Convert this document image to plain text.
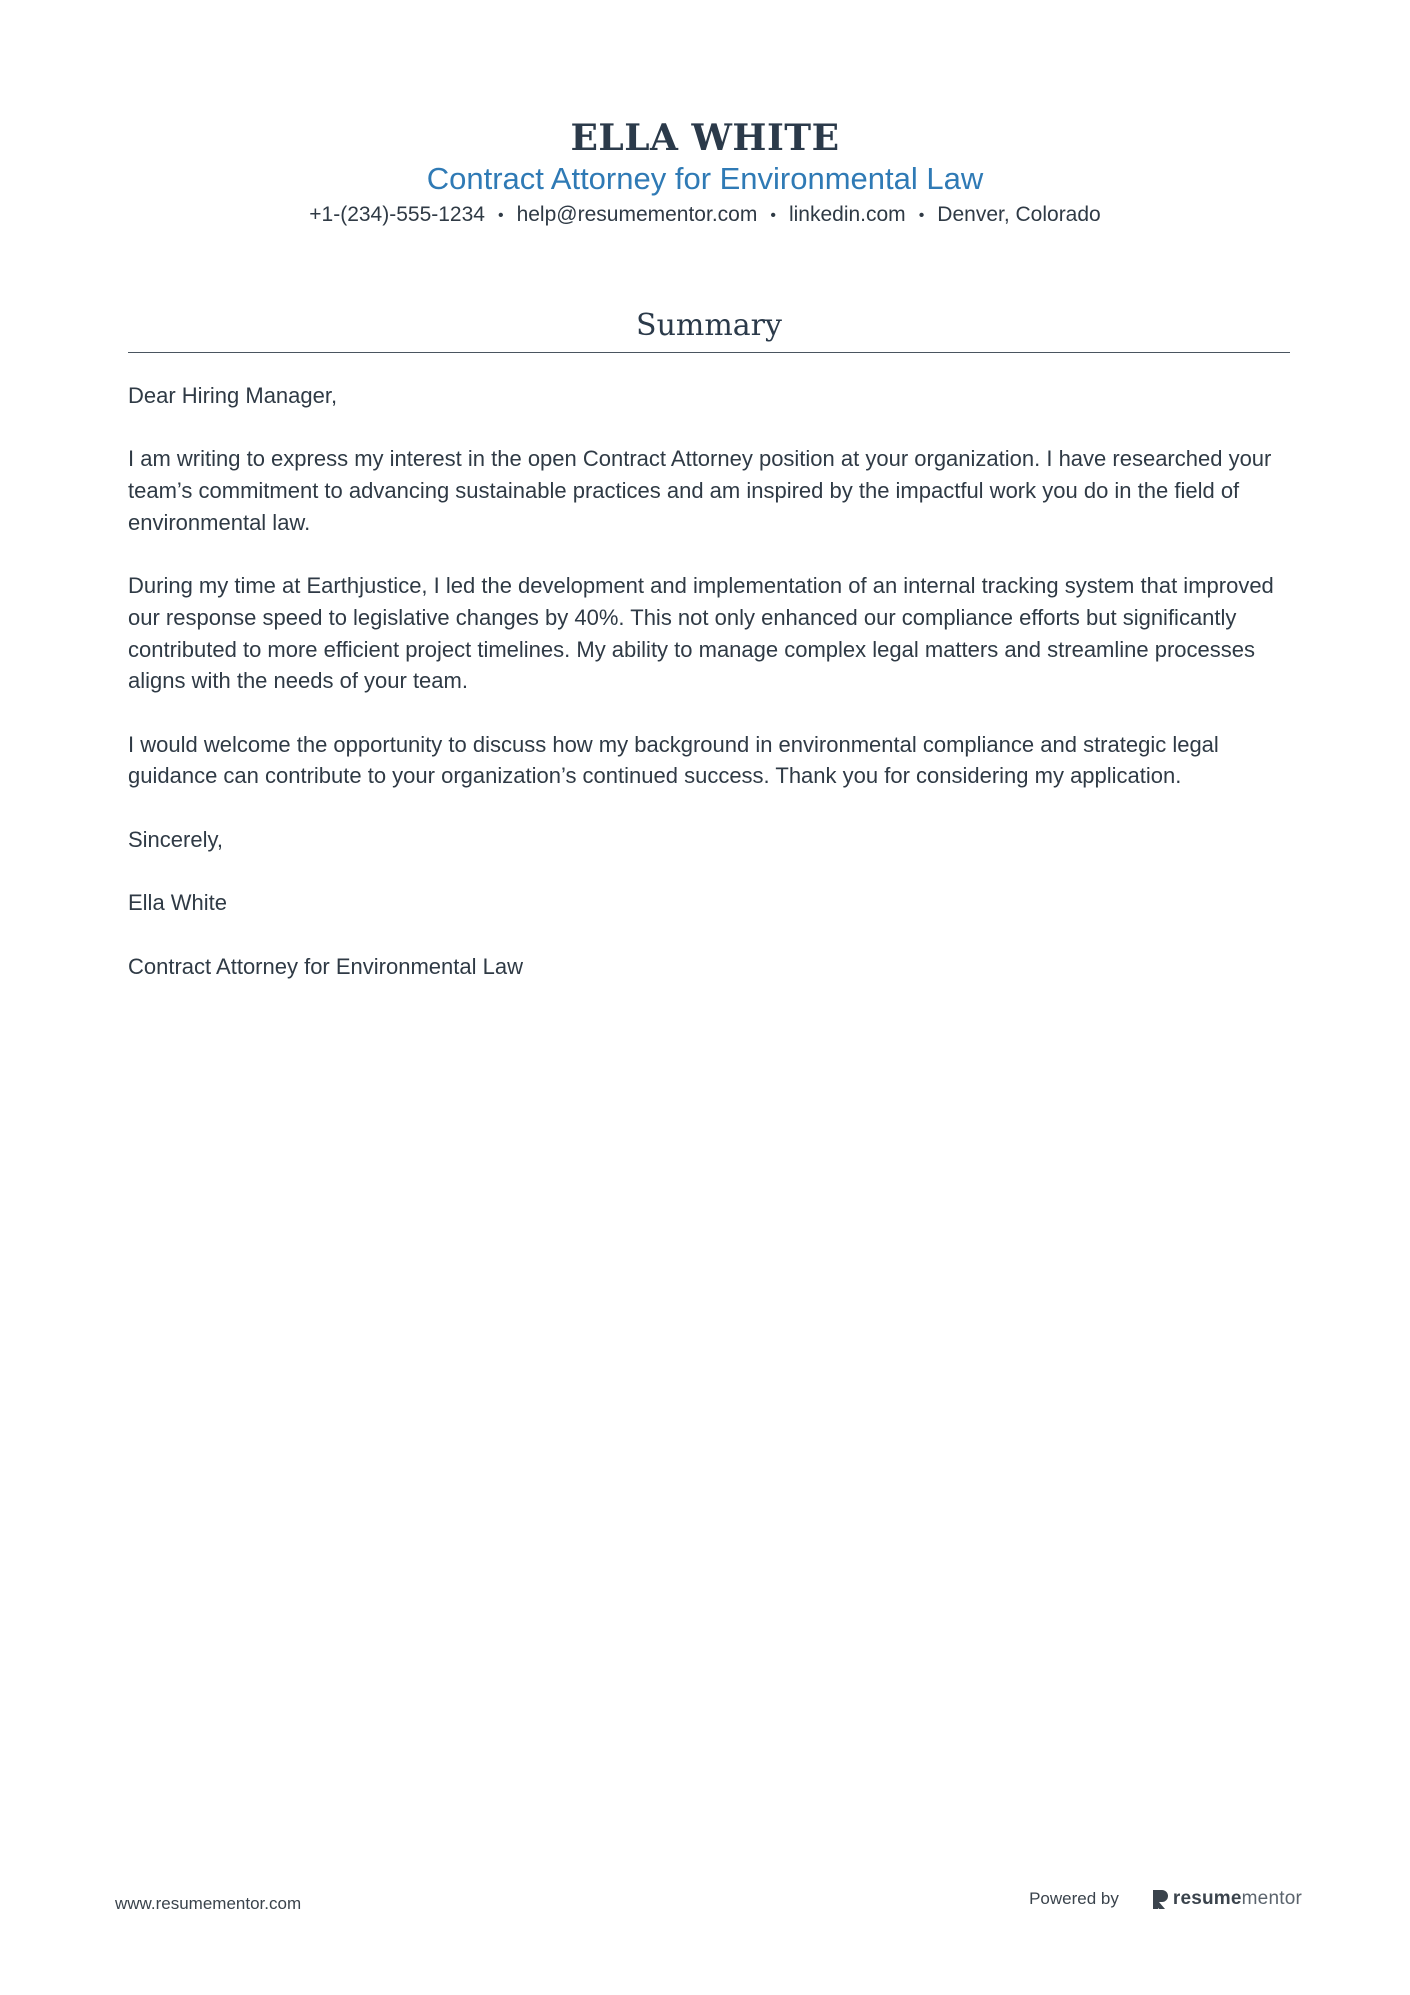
ELLA WHITE
Contract Attorney for Environmental Law
+1-(234)-555-1234 • help@resumementor.com • linkedin.com • Denver, Colorado
Summary

Dear Hiring Manager,

I am writing to express my interest in the open Contract Attorney position at your organization. I have researched your team’s commitment to advancing sustainable practices and am inspired by the impactful work you do in the field of environmental law.

During my time at Earthjustice, I led the development and implementation of an internal tracking system that improved our response speed to legislative changes by 40%. This not only enhanced our compliance efforts but significantly contributed to more efficient project timelines. My ability to manage complex legal matters and streamline processes aligns with the needs of your team.

I would welcome the opportunity to discuss how my background in environmental compliance and strategic legal guidance can contribute to your organization’s continued success. Thank you for considering my application.

Sincerely,

Ella White

Contract Attorney for Environmental Law

www.resumementor.com	Powered by	resume mentor
